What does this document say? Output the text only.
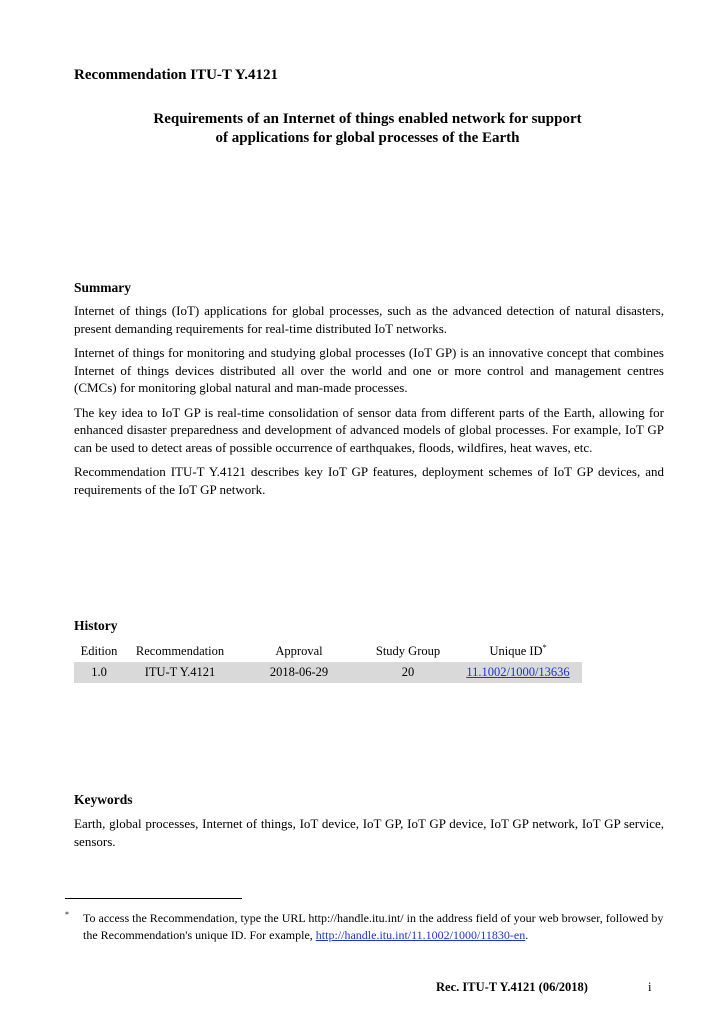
Recommendation ITU-T Y.4121
Requirements of an Internet of things enabled network for support
of applications for global processes of the Earth
Summary

Internet of things (IoT) applications for global processes, such as the advanced detection of natural disasters, present demanding requirements for real-time distributed IoT networks.

Internet of things for monitoring and studying global processes (IoT GP) is an innovative concept that combines Internet of things devices distributed all over the world and one or more control and management centres (CMCs) for monitoring global natural and man-made processes.

The key idea to IoT GP is real-time consolidation of sensor data from different parts of the Earth, allowing for enhanced disaster preparedness and development of advanced models of global processes. For example, IoT GP can be used to detect areas of possible occurrence of earthquakes, floods, wildfires, heat waves, etc.

Recommendation ITU-T Y.4121 describes key IoT GP features, deployment schemes of IoT GP devices, and requirements of the IoT GP network.

History
Edition	Recommendation	Approval	Study Group	Unique ID*
1.0	ITU-T Y.4121	2018-06-29	20	11.1002/1000/13636
Keywords
Earth, global processes, Internet of things, IoT device, IoT GP, IoT GP device, IoT GP network, IoT GP service, sensors.
* To access the Recommendation, type the URL http://handle.itu.int/ in the address field of your web browser, followed by the Recommendation's unique ID. For example, http://handle.itu.int/11.1002/1000/11830-en.
Rec. ITU-T Y.4121 (06/2018)	i
